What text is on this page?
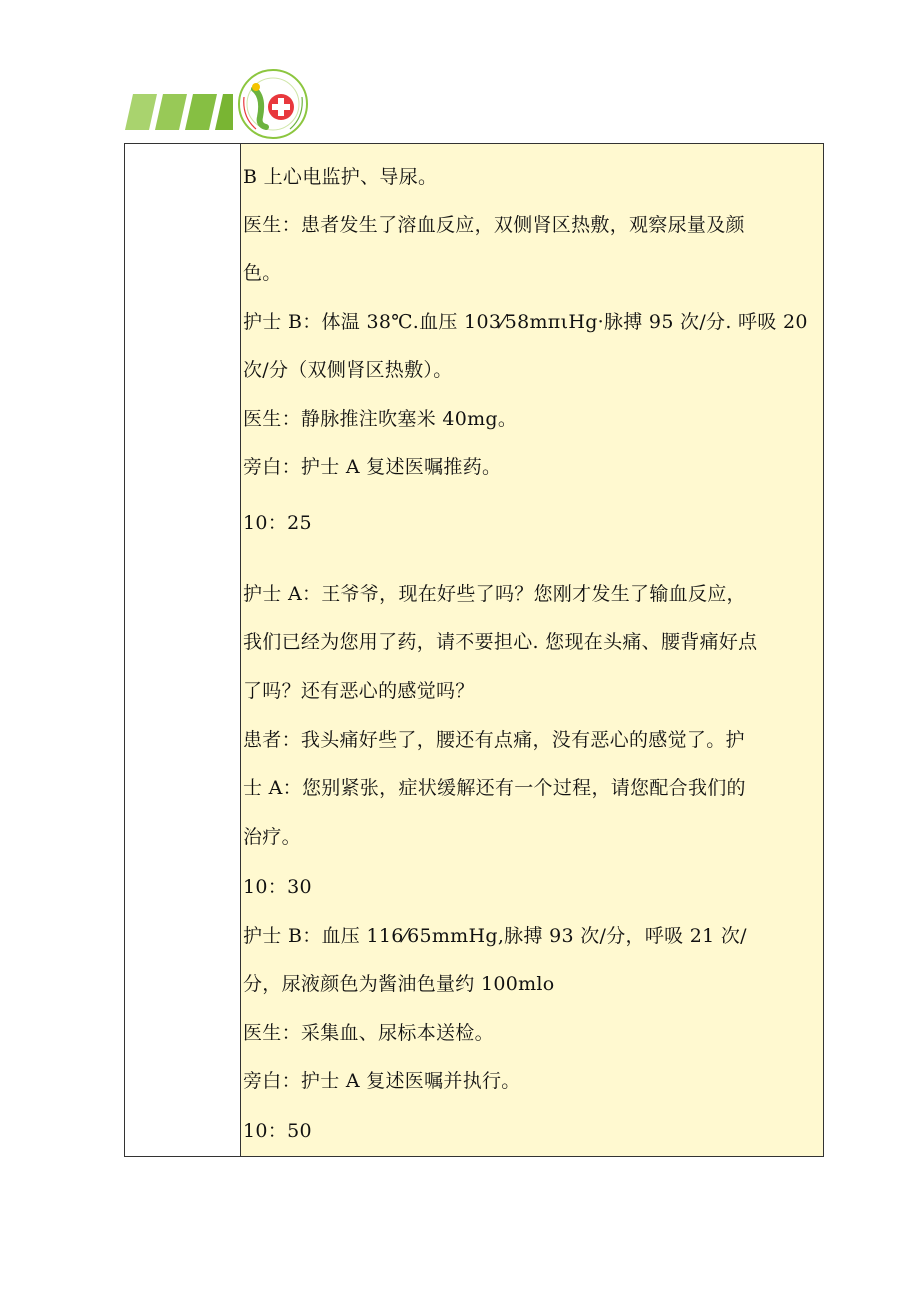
B 上心电监护、导尿。
医生：患者发生了溶血反应，双侧肾区热敷，观察尿量及颜
色。
护士 B：体温 38℃.血压 103⁄58mπιHg·脉搏 95 次/分. 呼吸 20
次/分（双侧肾区热敷）。
医生：静脉推注吹塞米 40mg。
旁白：护士 A 复述医嘱推药。
10：25
护士 A：王爷爷，现在好些了吗？您刚才发生了输血反应，
我们已经为您用了药，请不要担心. 您现在头痛、腰背痛好点
了吗？还有恶心的感觉吗？
患者：我头痛好些了，腰还有点痛，没有恶心的感觉了。护
士 A：您别紧张，症状缓解还有一个过程，请您配合我们的
治疗。
10：30
护士 B：血压 116⁄65mmHg,脉搏 93 次/分，呼吸 21 次/
分，尿液颜色为酱油色量约 100mlo
医生：采集血、尿标本送检。
旁白：护士 A 复述医嘱并执行。
10：50
